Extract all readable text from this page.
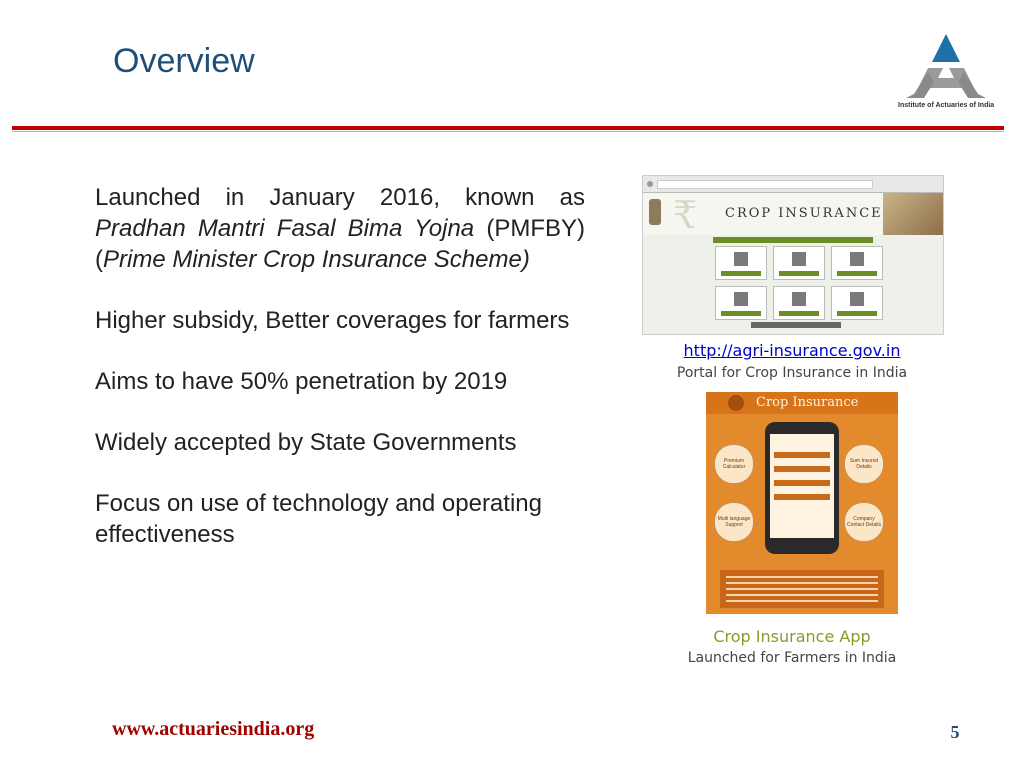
Overview
Institute of Actuaries of India

Launched in January 2016, known as Pradhan Mantri Fasal Bima Yojna (PMFBY) (Prime Minister Crop Insurance Scheme)

Higher subsidy, Better coverages for farmers

Aims to have 50% penetration by 2019

Widely accepted by State Governments

Focus on use of technology and operating effectiveness

₹ CROP INSURANCE
http://agri-insurance.gov.in
Portal for Crop Insurance in India
Crop Insurance
Premium Calculator
Sum Insured Details
Multi language Support
Company Contact Details
Crop Insurance App
Launched for Farmers in India
www.actuariesindia.org	5
